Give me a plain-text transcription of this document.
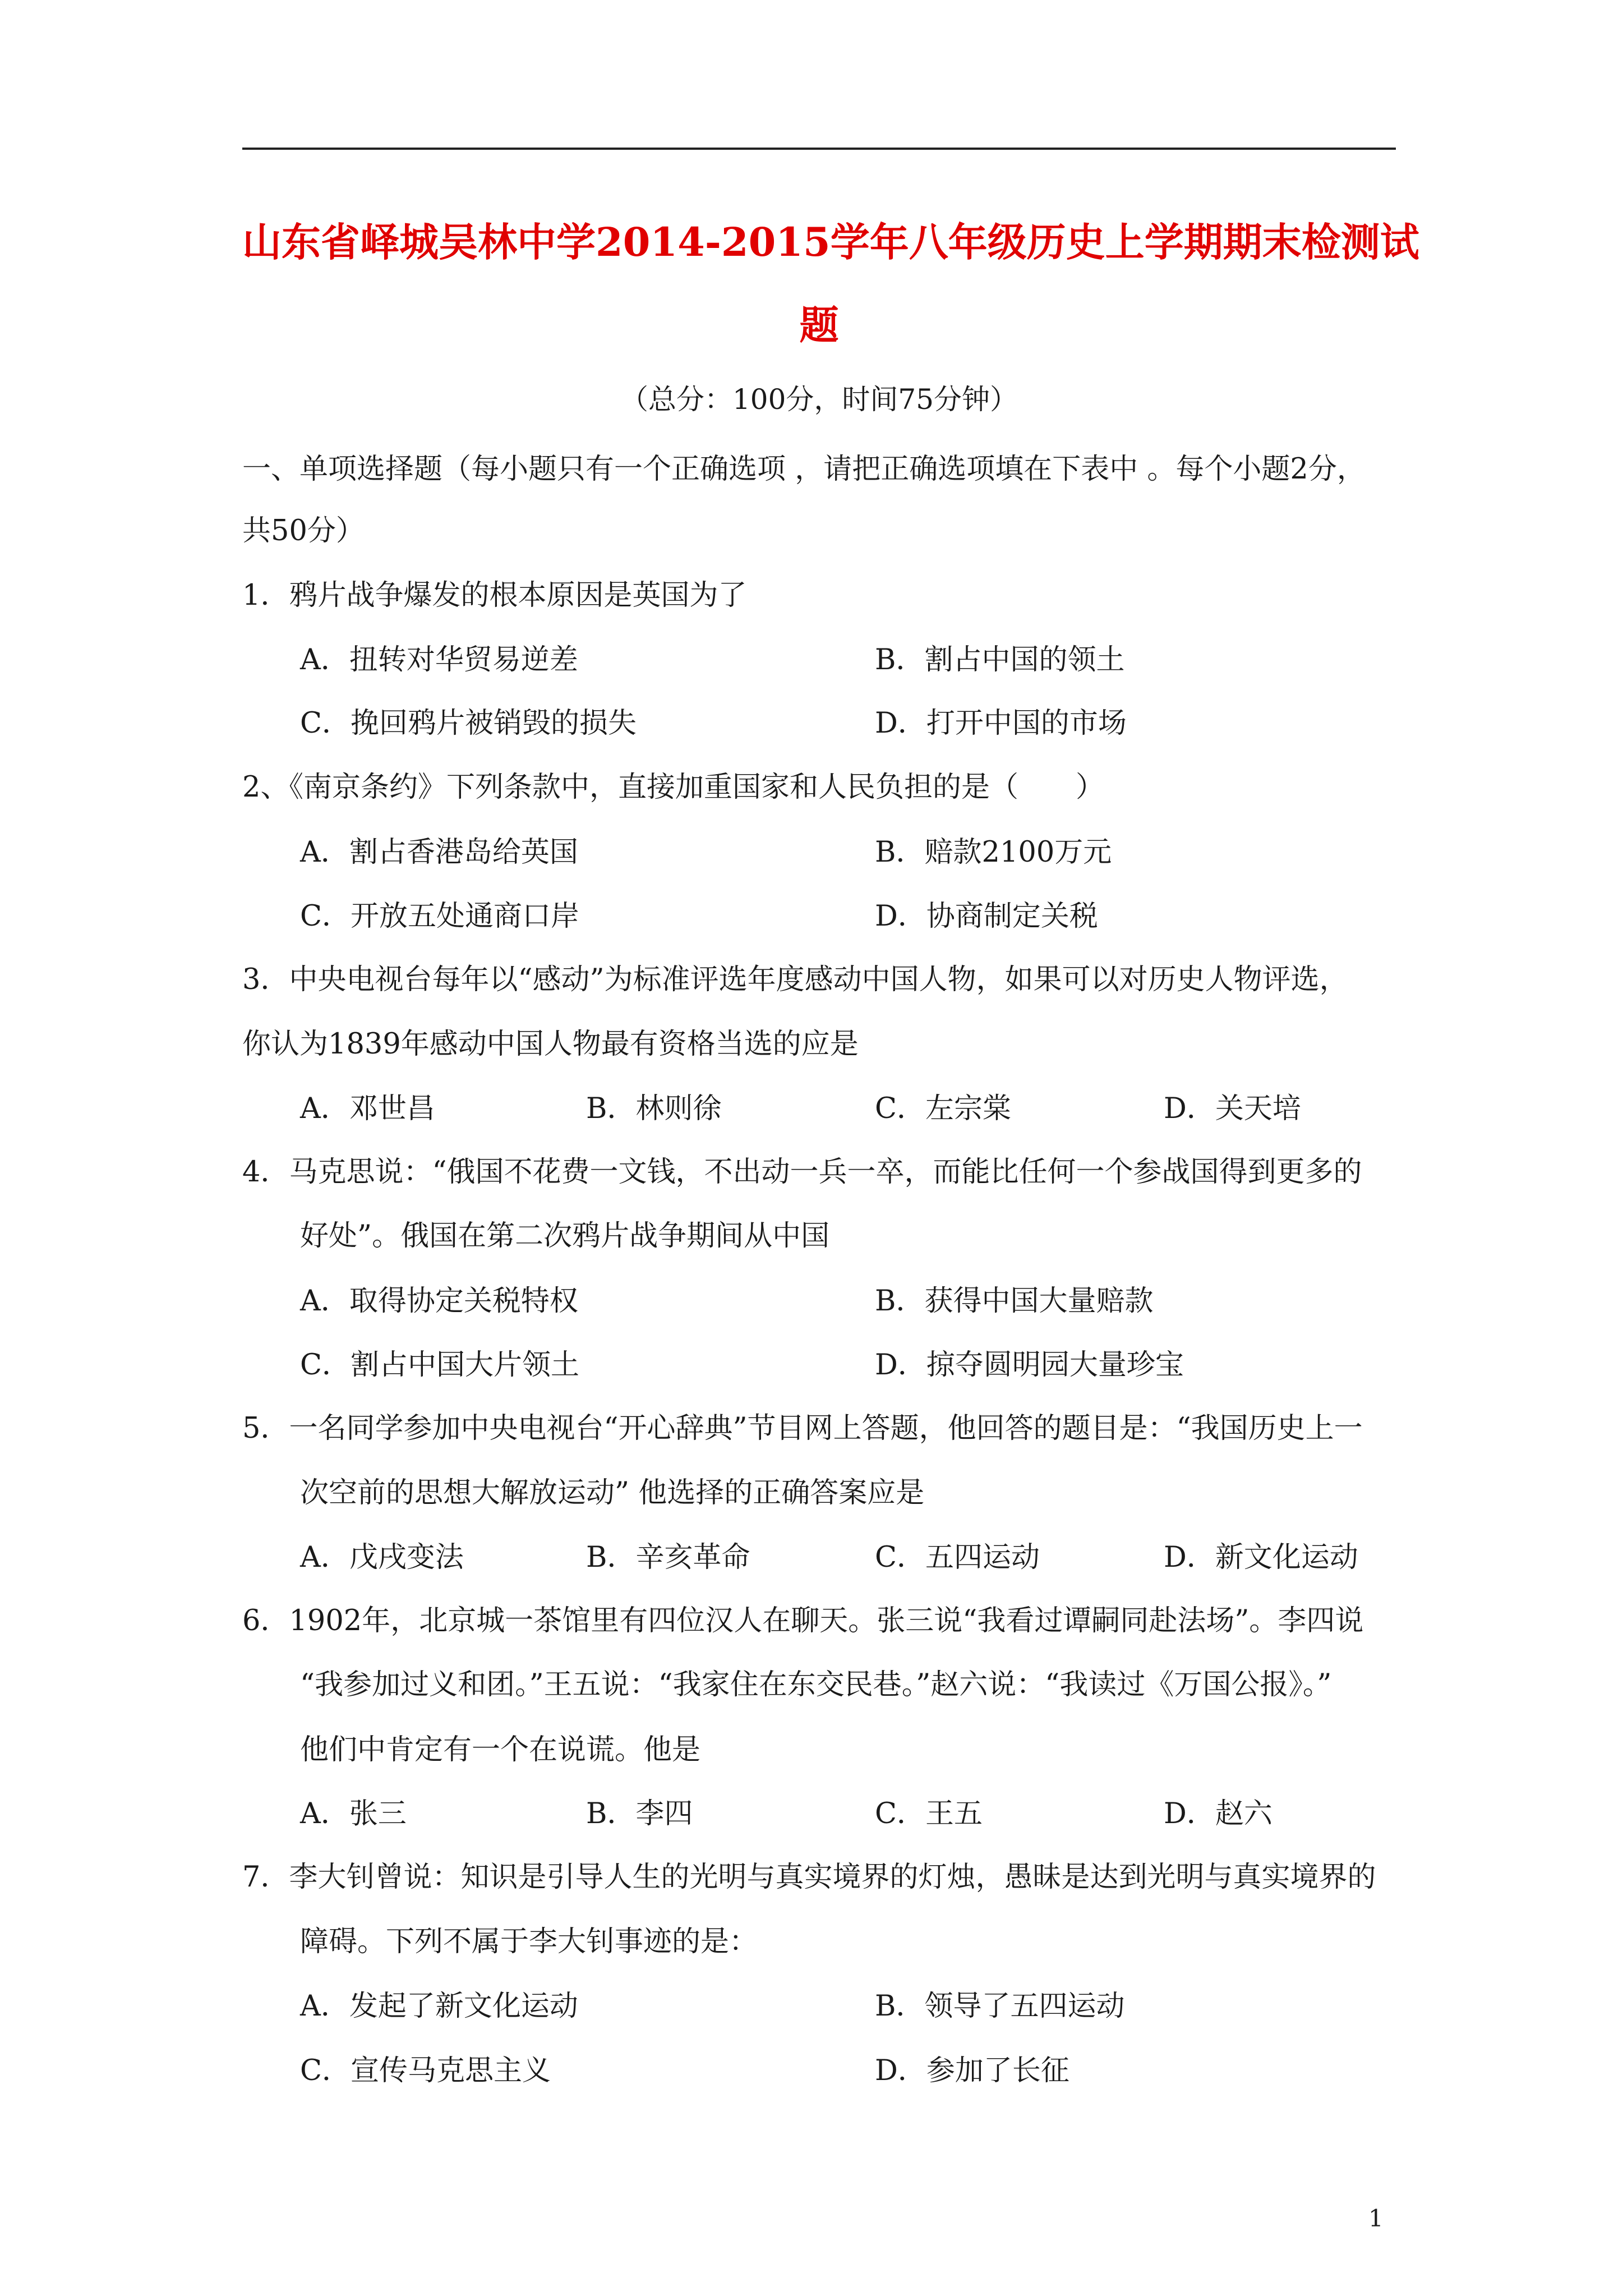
山东省峄城吴林中学2014-2015学年八年级历史上学期期末检测试
题
（总分：100分，时间75分钟）
一、单项选择题（每小题只有一个正确选项 ，请把正确选项填在下表中 。每个小题2分，
共50分）
1．鸦片战争爆发的根本原因是英国为了
A．扭转对华贸易逆差	B．割占中国的领土
C．挽回鸦片被销毁的损失	D．打开中国的市场
2、《南京条约》下列条款中，直接加重国家和人民负担的是（　　）
A．割占香港岛给英国	B．赔款2100万元
C．开放五处通商口岸	D．协商制定关税
3．中央电视台每年以“感动”为标准评选年度感动中国人物，如果可以对历史人物评选，
你认为1839年感动中国人物最有资格当选的应是
A．邓世昌	B．林则徐	C．左宗棠	D．关天培
4．马克思说：“俄国不花费一文钱，不出动一兵一卒，而能比任何一个参战国得到更多的
好处”。俄国在第二次鸦片战争期间从中国
A．取得协定关税特权	B．获得中国大量赔款
C．割占中国大片领土	D．掠夺圆明园大量珍宝
5．一名同学参加中央电视台“开心辞典”节目网上答题，他回答的题目是：“我国历史上一
次空前的思想大解放运动” 他选择的正确答案应是
A．戊戌变法	B．辛亥革命	C．五四运动	D．新文化运动
6．1902年，北京城一茶馆里有四位汉人在聊天。张三说“我看过谭嗣同赴法场”。李四说
“我参加过义和团。”王五说：“我家住在东交民巷。”赵六说：“我读过《万国公报》。”
他们中肯定有一个在说谎。他是
A．张三	B．李四	C．王五	D．赵六
7．李大钊曾说：知识是引导人生的光明与真实境界的灯烛，愚昧是达到光明与真实境界的
障碍。下列不属于李大钊事迹的是：
A．发起了新文化运动	B．领导了五四运动
C．宣传马克思主义	D．参加了长征
1
